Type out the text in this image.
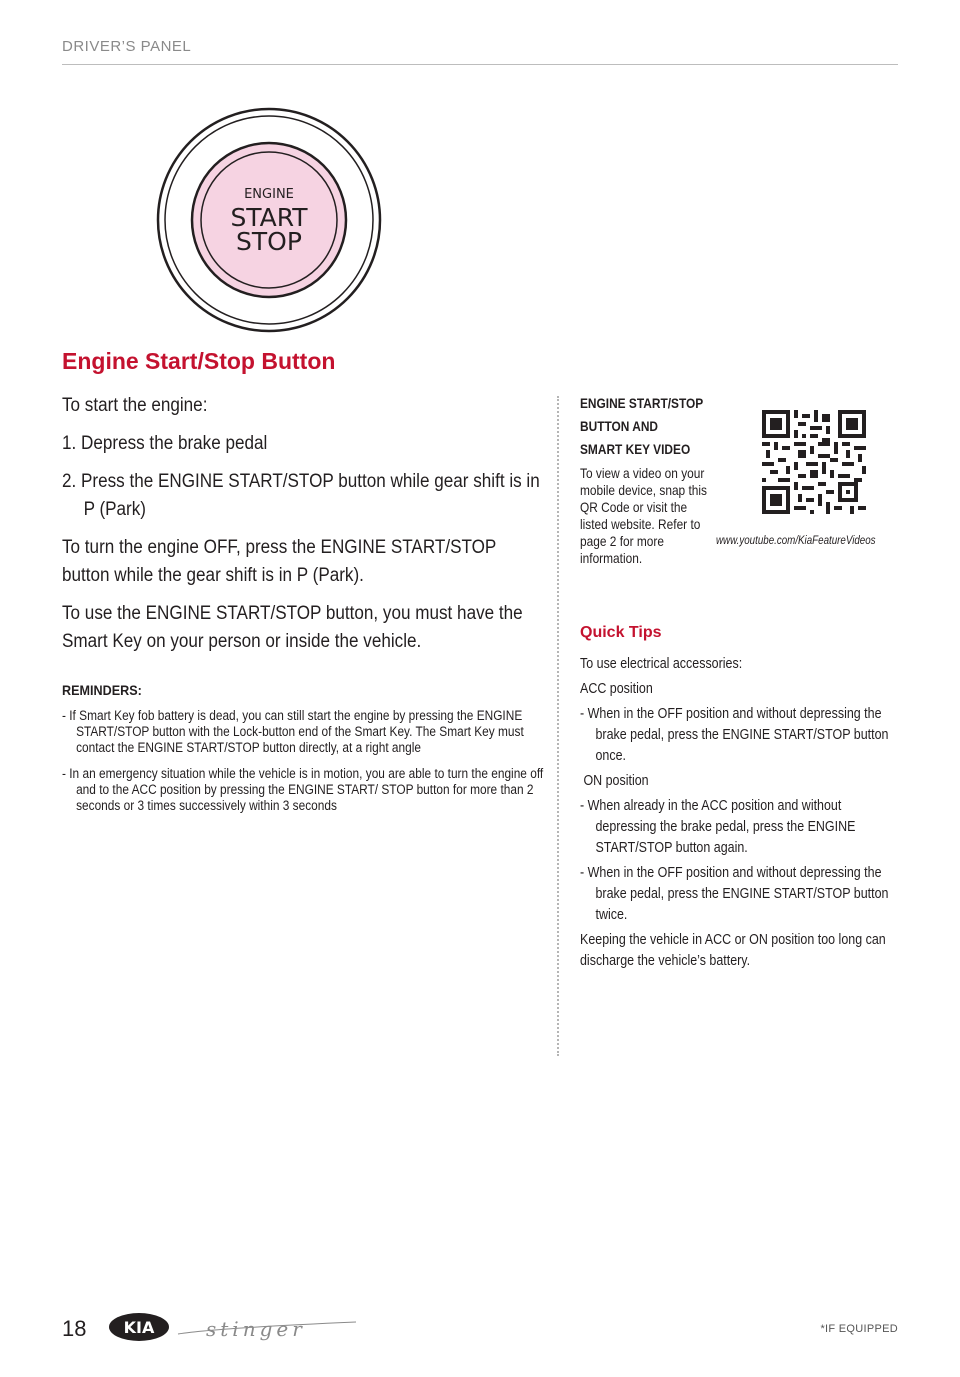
DRIVER’S PANEL
ENGINE
START
STOP
Engine Start/Stop Button
To start the engine:
1. Depress the brake pedal
2. Press the ENGINE START/STOP button while gear shift is in P (Park)
To turn the engine OFF, press the ENGINE START/STOP button while the gear shift is in P (Park).
To use the ENGINE START/STOP button, you must have the Smart Key on your person or inside the vehicle.
REMINDERS:
- If Smart Key fob battery is dead, you can still start the engine by pressing the ENGINE START/STOP button with the Lock-button end of the Smart Key. The Smart Key must contact the ENGINE START/STOP button directly, at a right angle
- In an emergency situation while the vehicle is in motion, you are able to turn the engine off and to the ACC position by pressing the ENGINE START/ STOP button for more than 2 seconds or 3 times successively within 3 seconds
ENGINE START/STOP
BUTTON AND
SMART KEY VIDEO
To view a video on your mobile device, snap this QR Code or visit the listed website. Refer to page 2 for more information.
www.youtube.com/KiaFeatureVideos
Quick Tips
To use electrical accessories:
ACC position
- When in the OFF position and without depressing the brake pedal, press the ENGINE START/STOP button once.
ON position
- When already in the ACC position and without depressing the brake pedal, press the ENGINE START/STOP button again.
- When in the OFF position and without depressing the brake pedal, press the ENGINE START/STOP button twice.
Keeping the vehicle in ACC or ON position too long can discharge the vehicle’s battery.
18 KIA	stinger	*IF EQUIPPED
